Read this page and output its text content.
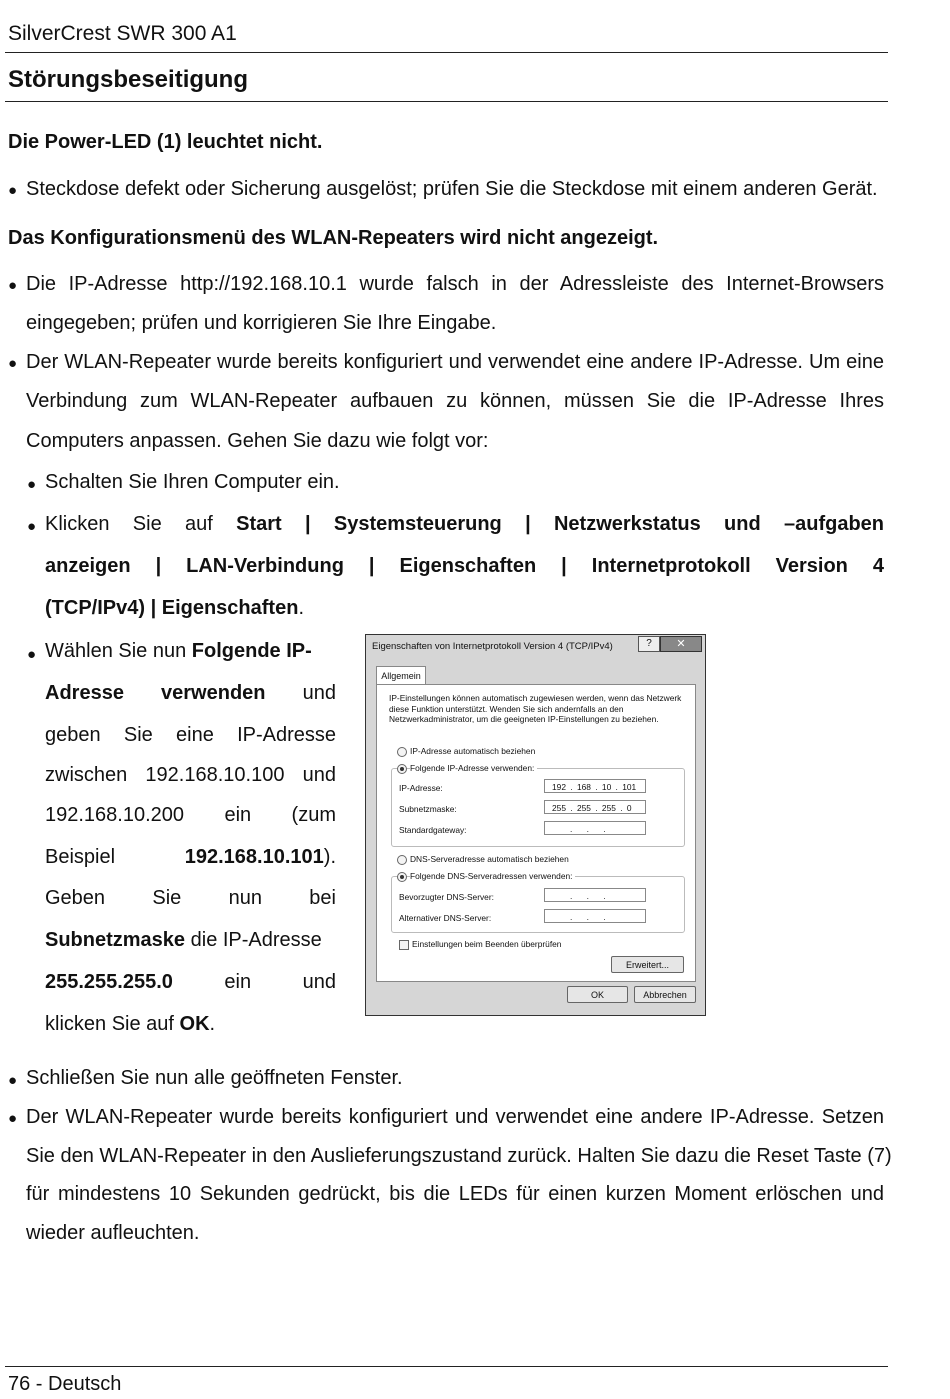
SilverCrest SWR 300 A1
Störungsbeseitigung
Die Power-LED (1) leuchtet nicht.
● Steckdose defekt oder Sicherung ausgelöst; prüfen Sie die Steckdose mit einem anderen Gerät.
Das Konfigurationsmenü des WLAN-Repeaters wird nicht angezeigt.
● Die IP-Adresse http://192.168.10.1 wurde falsch in der Adressleiste des Internet-Browsers
eingegeben; prüfen und korrigieren Sie Ihre Eingabe.
● Der WLAN-Repeater wurde bereits konfiguriert und verwendet eine andere IP-Adresse. Um eine
Verbindung zum WLAN-Repeater aufbauen zu können, müssen Sie die IP-Adresse Ihres
Computers anpassen. Gehen Sie dazu wie folgt vor:
● Schalten Sie Ihren Computer ein.
● Klicken Sie auf Start | Systemsteuerung | Netzwerkstatus und –aufgaben
anzeigen | LAN-Verbindung | Eigenschaften | Internetprotokoll Version 4
(TCP/IPv4) | Eigenschaften.
● Wählen Sie nun Folgende IP-
Adresse verwenden und
geben Sie eine IP-Adresse
zwischen 192.168.10.100 und
192.168.10.200 ein (zum
Beispiel	192.168.10.101).
Geben Sie nun bei
Subnetzmaske die IP-Adresse
255.255.255.0	ein und
klicken Sie auf OK.
Eigenschaften von Internetprotokoll Version 4 (TCP/IPv4)	?	✕
Allgemein
IP-Einstellungen können automatisch zugewiesen werden, wenn das Netzwerk diese Funktion unterstützt. Wenden Sie sich andernfalls an den Netzwerkadministrator, um die geeigneten IP-Einstellungen zu beziehen.
IP-Adresse automatisch beziehen
Folgende IP-Adresse verwenden:
IP-Adresse:	192 . 168 . 10 . 101
Subnetzmaske:	255 . 255 . 255 . 0
Standardgateway:	. . .
DNS-Serveradresse automatisch beziehen
Folgende DNS-Serveradressen verwenden:
Bevorzugter DNS-Server:	. . .
Alternativer DNS-Server:	. . .
Einstellungen beim Beenden überprüfen
Erweitert...
OK	Abbrechen
● Schließen Sie nun alle geöffneten Fenster.
● Der WLAN-Repeater wurde bereits konfiguriert und verwendet eine andere IP-Adresse. Setzen
Sie den WLAN-Repeater in den Auslieferungszustand zurück. Halten Sie dazu die Reset Taste (7)
für mindestens 10 Sekunden gedrückt, bis die LEDs für einen kurzen Moment erlöschen und
wieder aufleuchten.
76 - Deutsch
